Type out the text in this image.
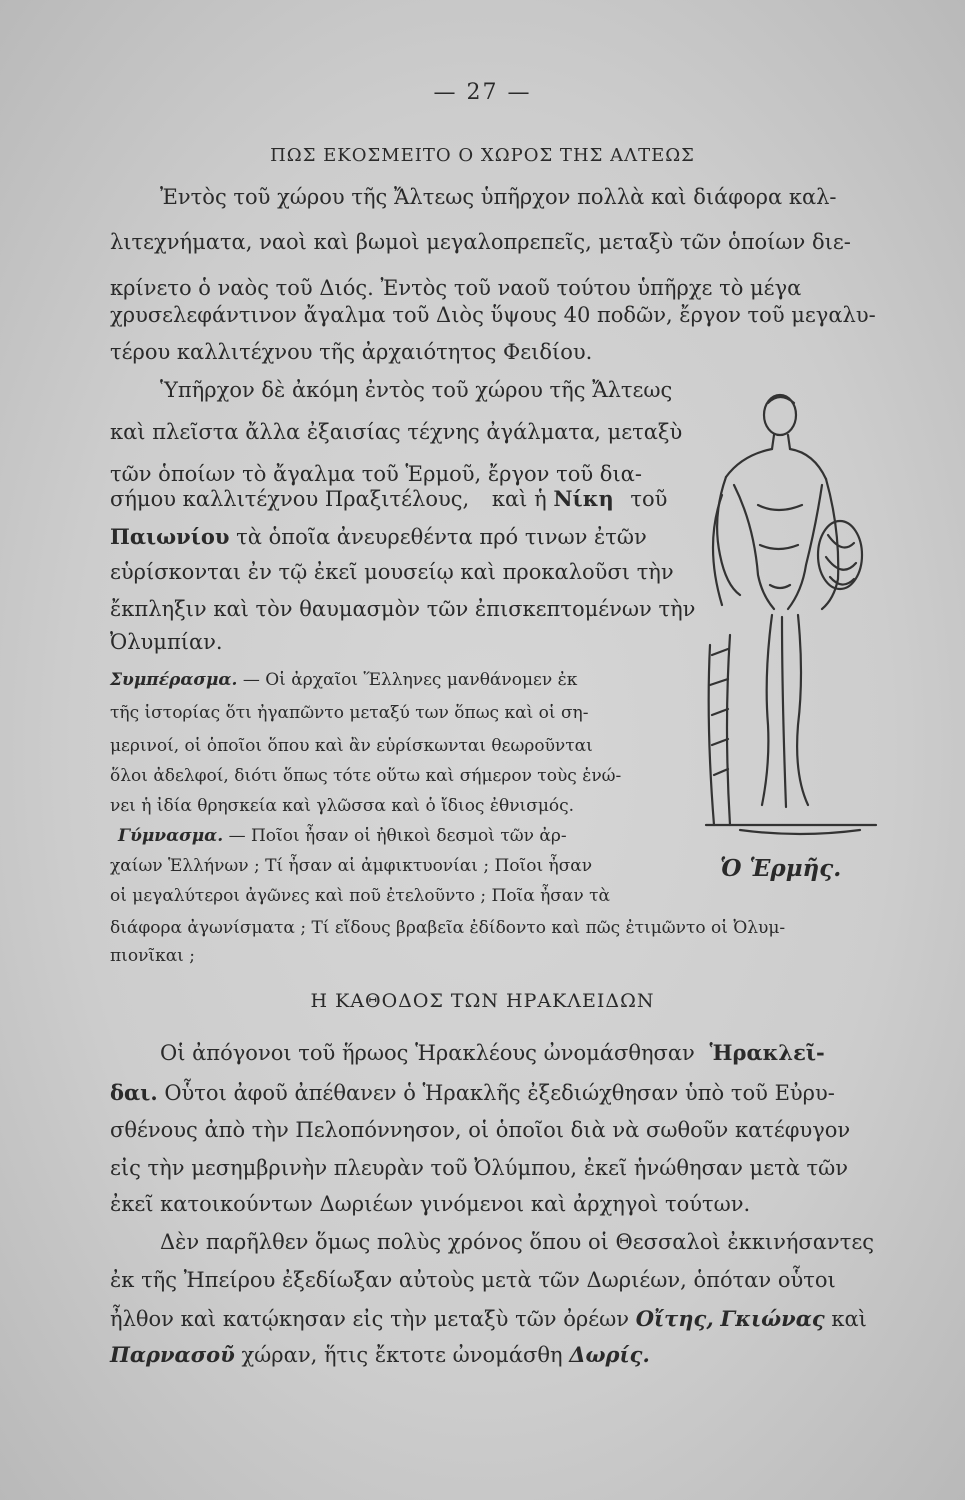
— 27 —
ΠΩΣ ΕΚΟΣΜΕΙΤΟ Ο ΧΩΡΟΣ ΤΗΣ ΑΛΤΕΩΣ
Ἐντὸς τοῦ χώρου τῆς Ἄλτεως ὑπῆρχον πολλὰ καὶ διάφορα καλ-
λιτεχνήματα, ναοὶ καὶ βωμοὶ μεγαλοπρεπεῖς, μεταξὺ τῶν ὁποίων διε-
κρίνετο ὁ ναὸς τοῦ Διός. Ἐντὸς τοῦ ναοῦ τούτου ὑπῆρχε τὸ μέγα
χρυσελεφάντινον ἄγαλμα τοῦ Διὸς ὕψους 40 ποδῶν, ἔργον τοῦ μεγαλυ-
τέρου καλλιτέχνου τῆς ἀρχαιότητος Φειδίου.
Ὑπῆρχον δὲ ἀκόμη ἐντὸς τοῦ χώρου τῆς Ἄλτεως
καὶ πλεῖστα ἄλλα ἐξαισίας τέχνης ἀγάλματα, μεταξὺ
τῶν ὁποίων τὸ ἄγαλμα τοῦ Ἑρμοῦ, ἔργον τοῦ δια-
σήμου καλλιτέχνου Πραξιτέλους, καὶ ἡ Νίκη τοῦ
Παιωνίου τὰ ὁποῖα ἀνευρεθέντα πρό τινων ἐτῶν
εὑρίσκονται ἐν τῷ ἐκεῖ μουσείῳ καὶ προκαλοῦσι τὴν
ἔκπληξιν καὶ τὸν θαυμασμὸν τῶν ἐπισκεπτομένων τὴν
Ὀλυμπίαν.
Συμπέρασμα. — Οἱ ἀρχαῖοι Ἕλληνες μανθάνομεν ἐκ
τῆς ἱστορίας ὅτι ἠγαπῶντο μεταξύ των ὅπως καὶ οἱ ση-
μερινοί, οἱ ὁποῖοι ὅπου καὶ ἂν εὑρίσκωνται θεωροῦνται
ὅλοι ἀδελφοί, διότι ὅπως τότε οὕτω καὶ σήμερον τοὺς ἑνώ-
νει ἡ ἰδία θρησκεία καὶ γλῶσσα καὶ ὁ ἴδιος ἐθνισμός.
Γύμνασμα. — Ποῖοι ἦσαν οἱ ἠθικοὶ δεσμοὶ τῶν ἀρ-
χαίων Ἑλλήνων ; Τί ἦσαν αἱ ἀμφικτυονίαι ; Ποῖοι ἦσαν
οἱ μεγαλύτεροι ἀγῶνες καὶ ποῦ ἐτελοῦντο ; Ποῖα ἦσαν τὰ
διάφορα ἀγωνίσματα ; Τί εἴδους βραβεῖα ἐδίδοντο καὶ πῶς ἐτιμῶντο οἱ Ὀλυμ-
πιονῖκαι ;
Ὁ Ἑρμῆς.
Η ΚΑΘΟΔΟΣ ΤΩΝ ΗΡΑΚΛΕΙΔΩΝ
Οἱ ἀπόγονοι τοῦ ἥρωος Ἡρακλέους ὠνομάσθησαν Ἡρακλεῖ-
δαι. Οὗτοι ἀφοῦ ἀπέθανεν ὁ Ἡρακλῆς ἐξεδιώχθησαν ὑπὸ τοῦ Εὐρυ-
σθένους ἀπὸ τὴν Πελοπόννησον, οἱ ὁποῖοι διὰ νὰ σωθοῦν κατέφυγον
εἰς τὴν μεσημβρινὴν πλευρὰν τοῦ Ὀλύμπου, ἐκεῖ ἡνώθησαν μετὰ τῶν
ἐκεῖ κατοικούντων Δωριέων γινόμενοι καὶ ἀρχηγοὶ τούτων.
Δὲν παρῆλθεν ὅμως πολὺς χρόνος ὅπου οἱ Θεσσαλοὶ ἐκκινήσαντες
ἐκ τῆς Ἠπείρου ἐξεδίωξαν αὐτοὺς μετὰ τῶν Δωριέων, ὁπόταν οὗτοι
ἦλθον καὶ κατῴκησαν εἰς τὴν μεταξὺ τῶν ὀρέων Οἴτης, Γκιώνας καὶ
Παρνασοῦ χώραν, ἥτις ἔκτοτε ὠνομάσθη Δωρίς.
